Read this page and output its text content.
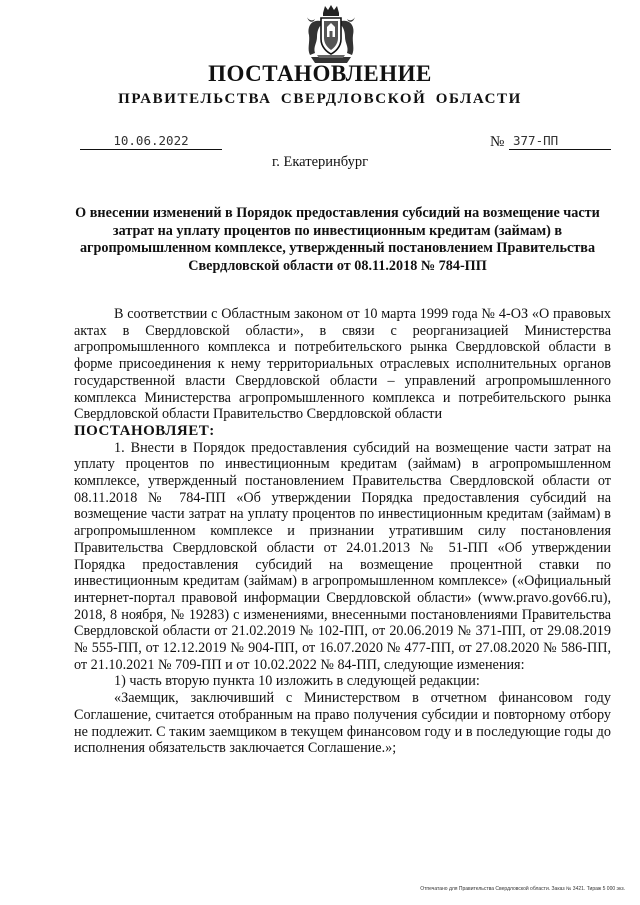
ПОСТАНОВЛЕНИЕ
ПРАВИТЕЛЬСТВА СВЕРДЛОВСКОЙ ОБЛАСТИ
10.06.2022	№ 377-ПП
г. Екатеринбург
О внесении изменений в Порядок предоставления субсидий на возмещение части затрат на уплату процентов по инвестиционным кредитам (займам) в агропромышленном комплексе, утвержденный постановлением Правительства Свердловской области от 08.11.2018 № 784-ПП

В соответствии с Областным законом от 10 марта 1999 года № 4-ОЗ «О правовых актах в Свердловской области», в связи с реорганизацией Министерства агропромышленного комплекса и потребительского рынка Свердловской области в форме присоединения к нему территориальных отраслевых исполнительных органов государственной власти Свердловской области – управлений агропромышленного комплекса Министерства агропромышленного комплекса и потребительского рынка Свердловской области Правительство Свердловской области

ПОСТАНОВЛЯЕТ:

1. Внести в Порядок предоставления субсидий на возмещение части затрат на уплату процентов по инвестиционным кредитам (займам) в агропромышленном комплексе, утвержденный постановлением Правительства Свердловской области от 08.11.2018 № 784-ПП «Об утверждении Порядка предоставления субсидий на возмещение части затрат на уплату процентов по инвестиционным кредитам (займам) в агропромышленном комплексе и признании утратившим силу постановления Правительства Свердловской области от 24.01.2013 № 51-ПП «Об утверждении Порядка предоставления субсидий на возмещение процентной ставки по инвестиционным кредитам (займам) в агропромышленном комплексе» («Официальный интернет-портал правовой информации Свердловской области» (www.pravo.gov66.ru), 2018, 8 ноября, № 19283) с изменениями, внесенными постановлениями Правительства Свердловской области от 21.02.2019 № 102-ПП, от 20.06.2019 № 371-ПП, от 29.08.2019 № 555-ПП, от 12.12.2019 № 904-ПП, от 16.07.2020 № 477-ПП, от 27.08.2020 № 586-ПП, от 21.10.2021 № 709-ПП и от 10.02.2022 № 84-ПП, следующие изменения:

1) часть вторую пункта 10 изложить в следующей редакции:

«Заемщик, заключивший с Министерством в отчетном финансовом году Соглашение, считается отобранным на право получения субсидии и повторному отбору не подлежит. С таким заемщиком в текущем финансовом году и в последующие годы до исполнения обязательств заключается Соглашение.»;

Отпечатано для Правительства Свердловской области. Заказ № 3421. Тираж 5 000 экз.
